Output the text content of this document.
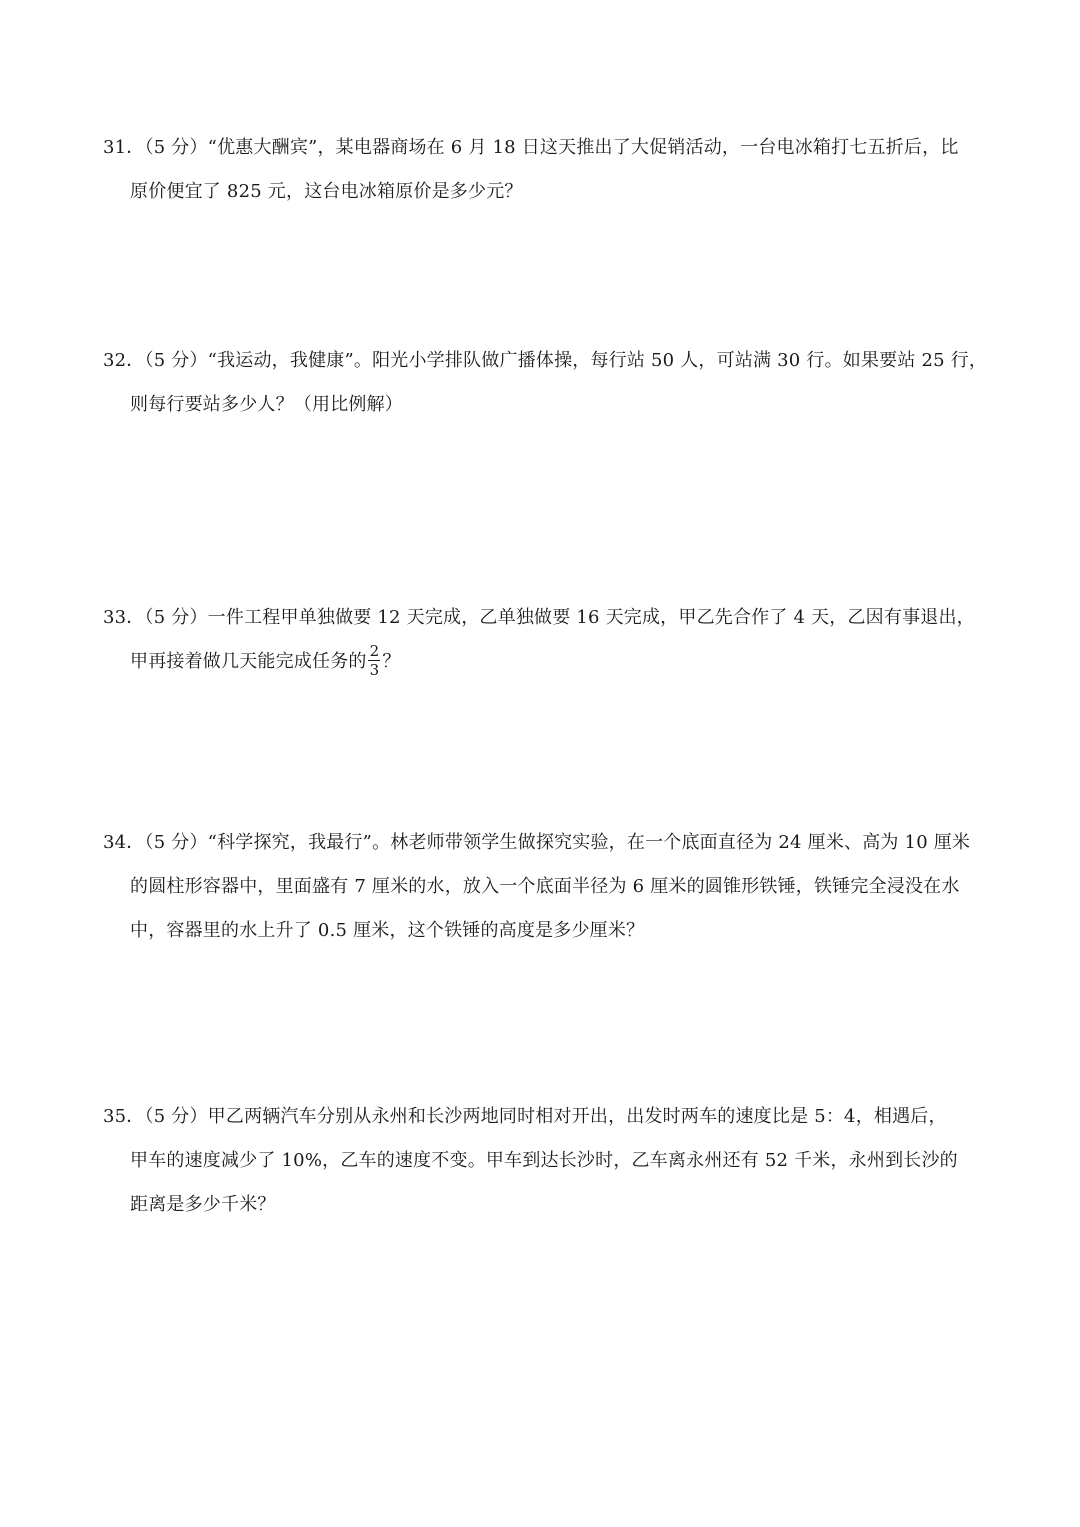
31．（5 分）“优惠大酬宾”，某电器商场在 6 月 18 日这天推出了大促销活动，一台电冰箱打七五折后，比
原价便宜了 825 元，这台电冰箱原价是多少元？
32．（5 分）“我运动，我健康”。阳光小学排队做广播体操，每行站 50 人，可站满 30 行。如果要站 25 行，
则每行要站多少人？（用比例解）
33．（5 分）一件工程甲单独做要 12 天完成，乙单独做要 16 天完成，甲乙先合作了 4 天，乙因有事退出，
甲再接着做几天能完成任务的 $\frac{2}{3}$ ？
34．（5 分）“科学探究，我最行”。林老师带领学生做探究实验，在一个底面直径为 24 厘米、高为 10 厘米
的圆柱形容器中，里面盛有 7 厘米的水，放入一个底面半径为 6 厘米的圆锥形铁锤，铁锤完全浸没在水
中，容器里的水上升了 0.5 厘米，这个铁锤的高度是多少厘米？
35．（5 分）甲乙两辆汽车分别从永州和长沙两地同时相对开出，出发时两车的速度比是 5：4，相遇后，
甲车的速度减少了 10%，乙车的速度不变。甲车到达长沙时，乙车离永州还有 52 千米，永州到长沙的
距离是多少千米？
